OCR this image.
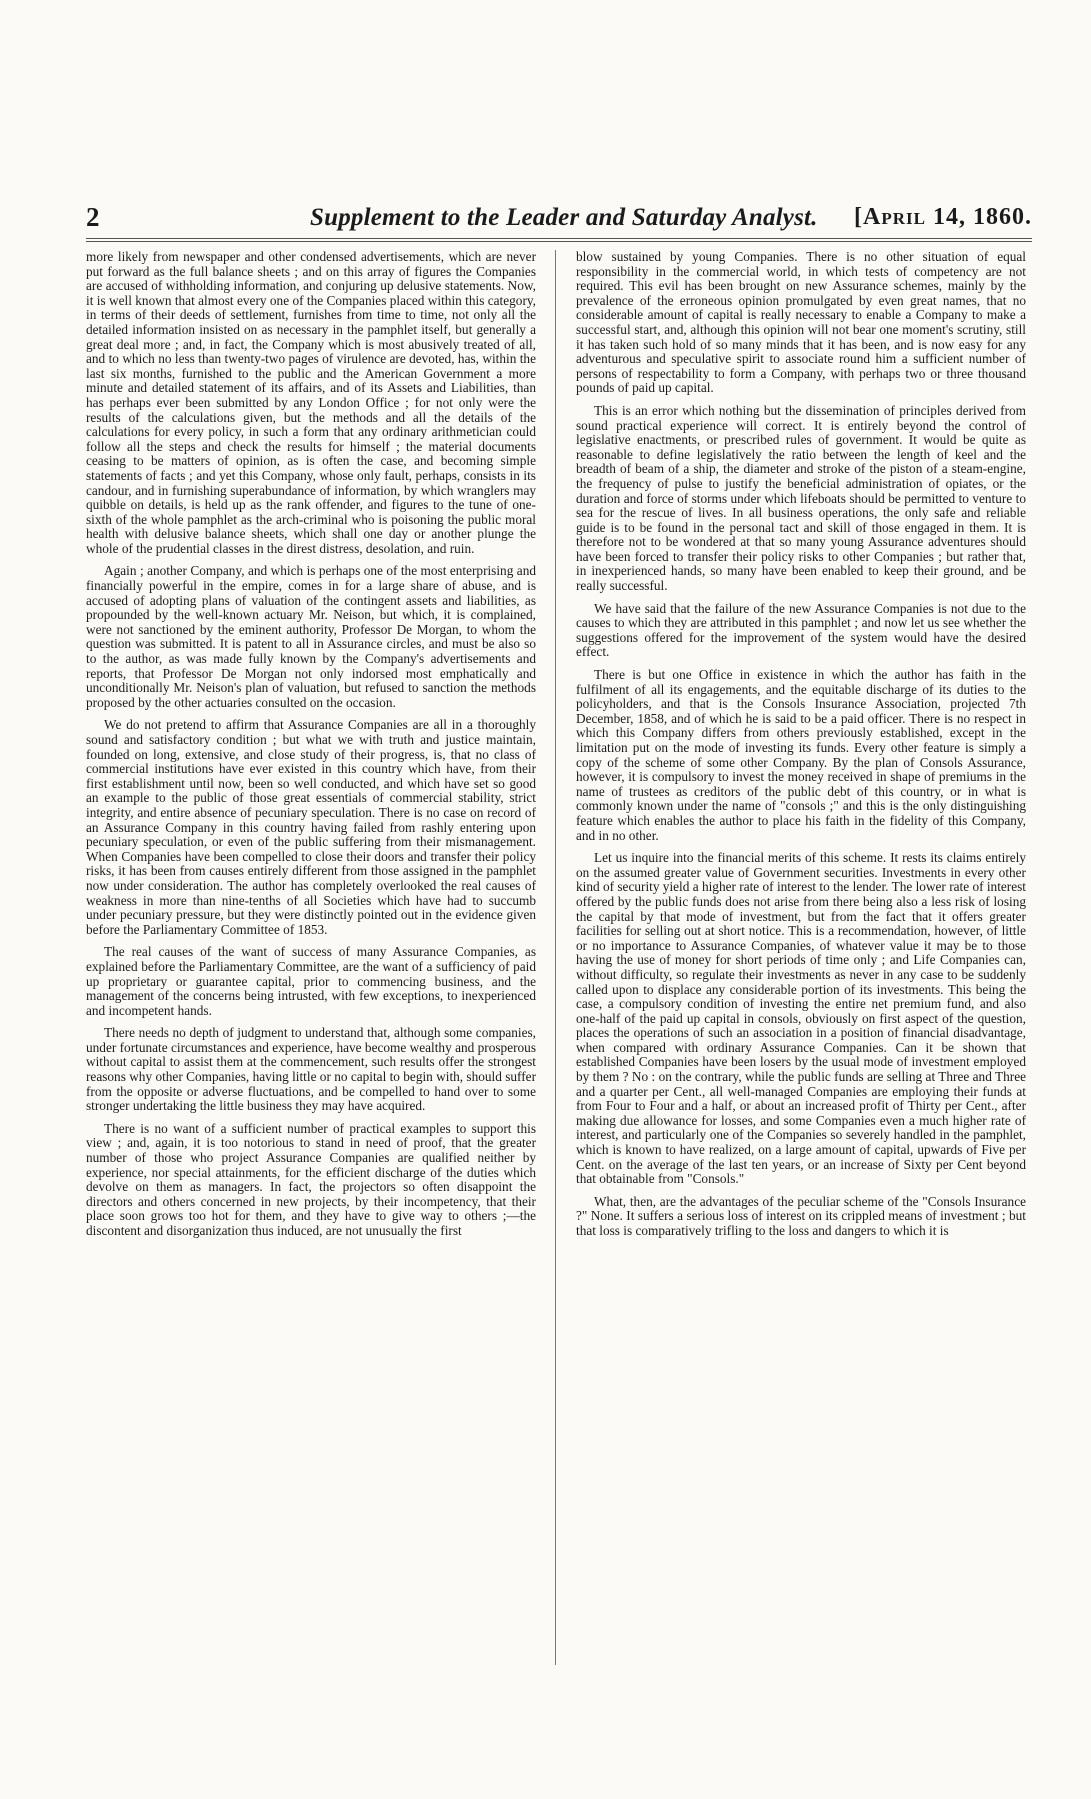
2	Supplement to the Leader and Saturday Analyst. [April 14, 1860.

more likely from newspaper and other condensed advertisements, which are never put forward as the full balance sheets ; and on this array of figures the Companies are accused of withholding information, and conjuring up delusive statements. Now, it is well known that almost every one of the Companies placed within this category, in terms of their deeds of settlement, furnishes from time to time, not only all the detailed information insisted on as necessary in the pamphlet itself, but generally a great deal more ; and, in fact, the Company which is most abusively treated of all, and to which no less than twenty-two pages of virulence are devoted, has, within the last six months, furnished to the public and the American Government a more minute and detailed statement of its affairs, and of its Assets and Liabilities, than has perhaps ever been submitted by any London Office ; for not only were the results of the calculations given, but the methods and all the details of the calculations for every policy, in such a form that any ordinary arithmetician could follow all the steps and check the results for himself ; the material documents ceasing to be matters of opinion, as is often the case, and becoming simple statements of facts ; and yet this Company, whose only fault, perhaps, consists in its candour, and in furnishing superabundance of information, by which wranglers may quibble on details, is held up as the rank offender, and figures to the tune of one-sixth of the whole pamphlet as the arch-criminal who is poisoning the public moral health with delusive balance sheets, which shall one day or another plunge the whole of the prudential classes in the direst distress, desolation, and ruin.

Again ; another Company, and which is perhaps one of the most enterprising and financially powerful in the empire, comes in for a large share of abuse, and is accused of adopting plans of valuation of the contingent assets and liabilities, as propounded by the well-known actuary Mr. Neison, but which, it is complained, were not sanctioned by the eminent authority, Professor De Morgan, to whom the question was submitted. It is patent to all in Assurance circles, and must be also so to the author, as was made fully known by the Company's advertisements and reports, that Professor De Morgan not only indorsed most emphatically and unconditionally Mr. Neison's plan of valuation, but refused to sanction the methods proposed by the other actuaries consulted on the occasion.

We do not pretend to affirm that Assurance Companies are all in a thoroughly sound and satisfactory condition ; but what we with truth and justice maintain, founded on long, extensive, and close study of their progress, is, that no class of commercial institutions have ever existed in this country which have, from their first establishment until now, been so well conducted, and which have set so good an example to the public of those great essentials of commercial stability, strict integrity, and entire absence of pecuniary speculation. There is no case on record of an Assurance Company in this country having failed from rashly entering upon pecuniary speculation, or even of the public suffering from their mismanagement. When Companies have been compelled to close their doors and transfer their policy risks, it has been from causes entirely different from those assigned in the pamphlet now under consideration. The author has completely overlooked the real causes of weakness in more than nine-tenths of all Societies which have had to succumb under pecuniary pressure, but they were distinctly pointed out in the evidence given before the Parliamentary Committee of 1853.

The real causes of the want of success of many Assurance Companies, as explained before the Parliamentary Committee, are the want of a sufficiency of paid up proprietary or guarantee capital, prior to commencing business, and the management of the concerns being intrusted, with few exceptions, to inexperienced and incompetent hands.

There needs no depth of judgment to understand that, although some companies, under fortunate circumstances and experience, have become wealthy and prosperous without capital to assist them at the commencement, such results offer the strongest reasons why other Companies, having little or no capital to begin with, should suffer from the opposite or adverse fluctuations, and be compelled to hand over to some stronger undertaking the little business they may have acquired.

There is no want of a sufficient number of practical examples to support this view ; and, again, it is too notorious to stand in need of proof, that the greater number of those who project Assurance Companies are qualified neither by experience, nor special attainments, for the efficient discharge of the duties which devolve on them as managers. In fact, the projectors so often disappoint the directors and others concerned in new projects, by their incompetency, that their place soon grows too hot for them, and they have to give way to others ;—the discontent and disorganization thus induced, are not unusually the first

blow sustained by young Companies. There is no other situation of equal responsibility in the commercial world, in which tests of competency are not required. This evil has been brought on new Assurance schemes, mainly by the prevalence of the erroneous opinion promulgated by even great names, that no considerable amount of capital is really necessary to enable a Company to make a successful start, and, although this opinion will not bear one moment's scrutiny, still it has taken such hold of so many minds that it has been, and is now easy for any adventurous and speculative spirit to associate round him a sufficient number of persons of respectability to form a Company, with perhaps two or three thousand pounds of paid up capital.

This is an error which nothing but the dissemination of principles derived from sound practical experience will correct. It is entirely beyond the control of legislative enactments, or prescribed rules of government. It would be quite as reasonable to define legislatively the ratio between the length of keel and the breadth of beam of a ship, the diameter and stroke of the piston of a steam-engine, the frequency of pulse to justify the beneficial administration of opiates, or the duration and force of storms under which lifeboats should be permitted to venture to sea for the rescue of lives. In all business operations, the only safe and reliable guide is to be found in the personal tact and skill of those engaged in them. It is therefore not to be wondered at that so many young Assurance adventures should have been forced to transfer their policy risks to other Companies ; but rather that, in inexperienced hands, so many have been enabled to keep their ground, and be really successful.

We have said that the failure of the new Assurance Companies is not due to the causes to which they are attributed in this pamphlet ; and now let us see whether the suggestions offered for the improvement of the system would have the desired effect.

There is but one Office in existence in which the author has faith in the fulfilment of all its engagements, and the equitable discharge of its duties to the policyholders, and that is the Consols Insurance Association, projected 7th December, 1858, and of which he is said to be a paid officer. There is no respect in which this Company differs from others previously established, except in the limitation put on the mode of investing its funds. Every other feature is simply a copy of the scheme of some other Company. By the plan of Consols Assurance, however, it is compulsory to invest the money received in shape of premiums in the name of trustees as creditors of the public debt of this country, or in what is commonly known under the name of "consols ;" and this is the only distinguishing feature which enables the author to place his faith in the fidelity of this Company, and in no other.

Let us inquire into the financial merits of this scheme. It rests its claims entirely on the assumed greater value of Government securities. Investments in every other kind of security yield a higher rate of interest to the lender. The lower rate of interest offered by the public funds does not arise from there being also a less risk of losing the capital by that mode of investment, but from the fact that it offers greater facilities for selling out at short notice. This is a recommendation, however, of little or no importance to Assurance Companies, of whatever value it may be to those having the use of money for short periods of time only ; and Life Companies can, without difficulty, so regulate their investments as never in any case to be suddenly called upon to displace any considerable portion of its investments. This being the case, a compulsory condition of investing the entire net premium fund, and also one-half of the paid up capital in consols, obviously on first aspect of the question, places the operations of such an association in a position of financial disadvantage, when compared with ordinary Assurance Companies. Can it be shown that established Companies have been losers by the usual mode of investment employed by them ? No : on the contrary, while the public funds are selling at Three and Three and a quarter per Cent., all well-managed Companies are employing their funds at from Four to Four and a half, or about an increased profit of Thirty per Cent., after making due allowance for losses, and some Companies even a much higher rate of interest, and particularly one of the Companies so severely handled in the pamphlet, which is known to have realized, on a large amount of capital, upwards of Five per Cent. on the average of the last ten years, or an increase of Sixty per Cent beyond that obtainable from "Consols."

What, then, are the advantages of the peculiar scheme of the "Consols Insurance ?" None. It suffers a serious loss of interest on its crippled means of investment ; but that loss is comparatively trifling to the loss and dangers to which it is
